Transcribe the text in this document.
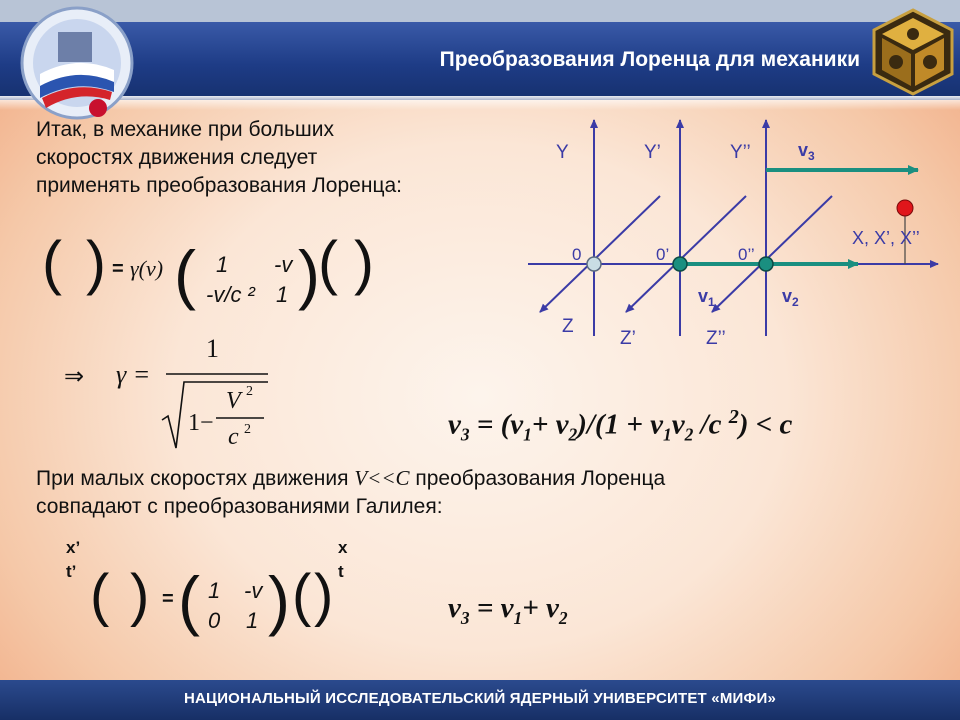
Преобразования Лоренца для механики
Итак, в механике при больших
скоростях движения следует
применять преобразования Лоренца:
( ) = γ(v) ( 1 -v
-v/c ² 1 )
( )
⇒ γ =
1
1−
V 2
c 2	$v_3 = (v_1+ v_2)/(1 + v_1v_2$ /c $^2$) < c
При малых скоростях движения V<<C преобразования Лоренца
совпадают с преобразованиями Галилея:
x’
t’
x
t
( ) = ( 1 -v
0 1 ) ( )	$v_3 = v_1+ v_2$
Y	Y’	Y’’
0	0’	0’’
Z
Z’	Z’’
X, X’, X’’
$v_1$	$v_2$
$v_3$
НАЦИОНАЛЬНЫЙ ИССЛЕДОВАТЕЛЬСКИЙ ЯДЕРНЫЙ УНИВЕРСИТЕТ «МИФИ»
